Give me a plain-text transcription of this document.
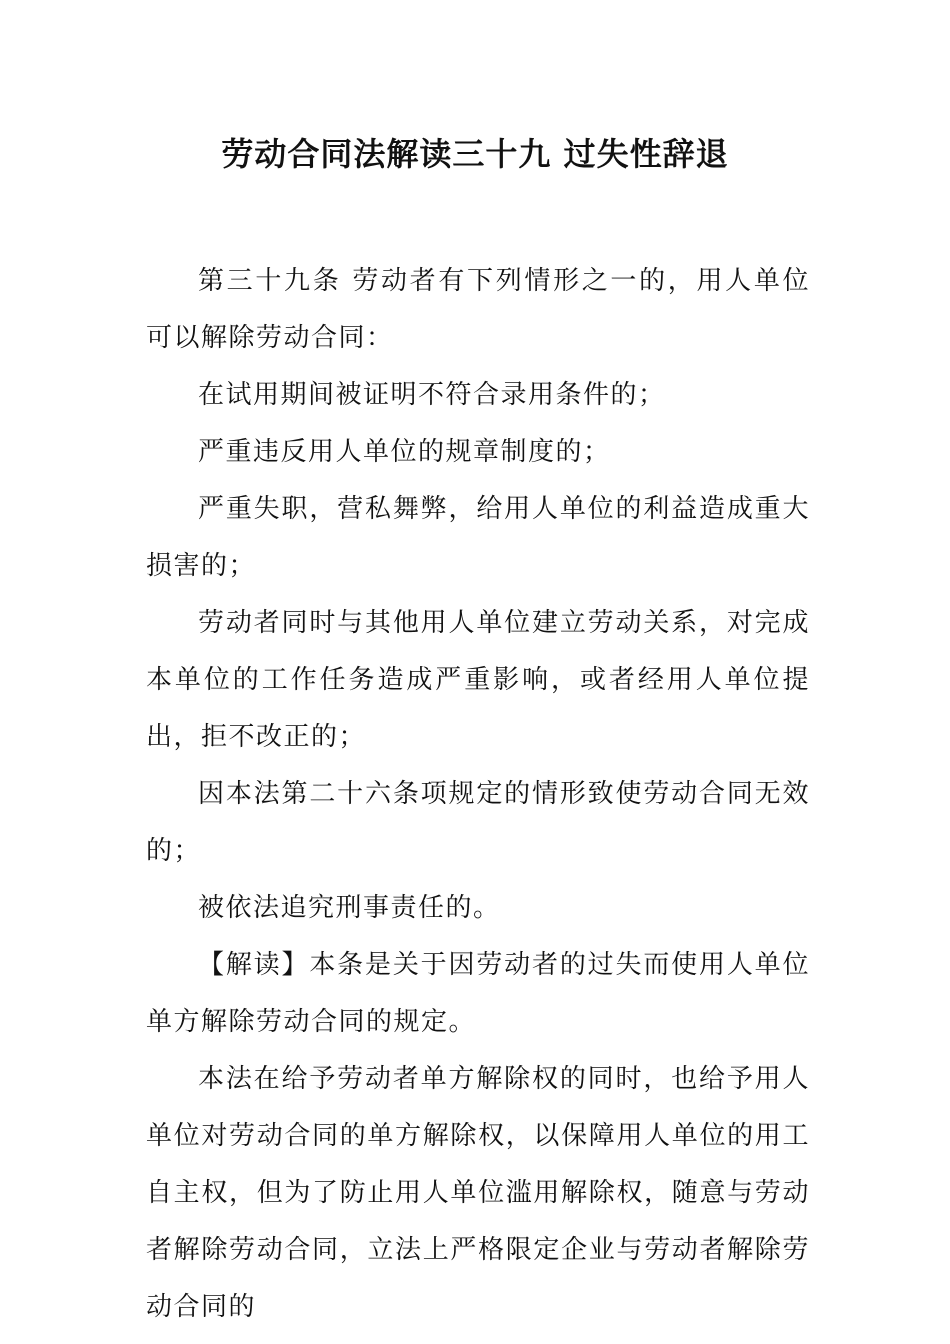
劳动合同法解读三十九 过失性辞退

第三十九条 劳动者有下列情形之一的，用人单位可以解除劳动合同：

在试用期间被证明不符合录用条件的；

严重违反用人单位的规章制度的；

严重失职，营私舞弊，给用人单位的利益造成重大损害的；

劳动者同时与其他用人单位建立劳动关系，对完成本单位的工作任务造成严重影响，或者经用人单位提出，拒不改正的；

因本法第二十六条项规定的情形致使劳动合同无效的；

被依法追究刑事责任的。

【解读】本条是关于因劳动者的过失而使用人单位单方解除劳动合同的规定。

本法在给予劳动者单方解除权的同时，也给予用人单位对劳动合同的单方解除权，以保障用人单位的用工自主权，但为了防止用人单位滥用解除权，随意与劳动者解除劳动合同，立法上严格限定企业与劳动者解除劳动合同的
